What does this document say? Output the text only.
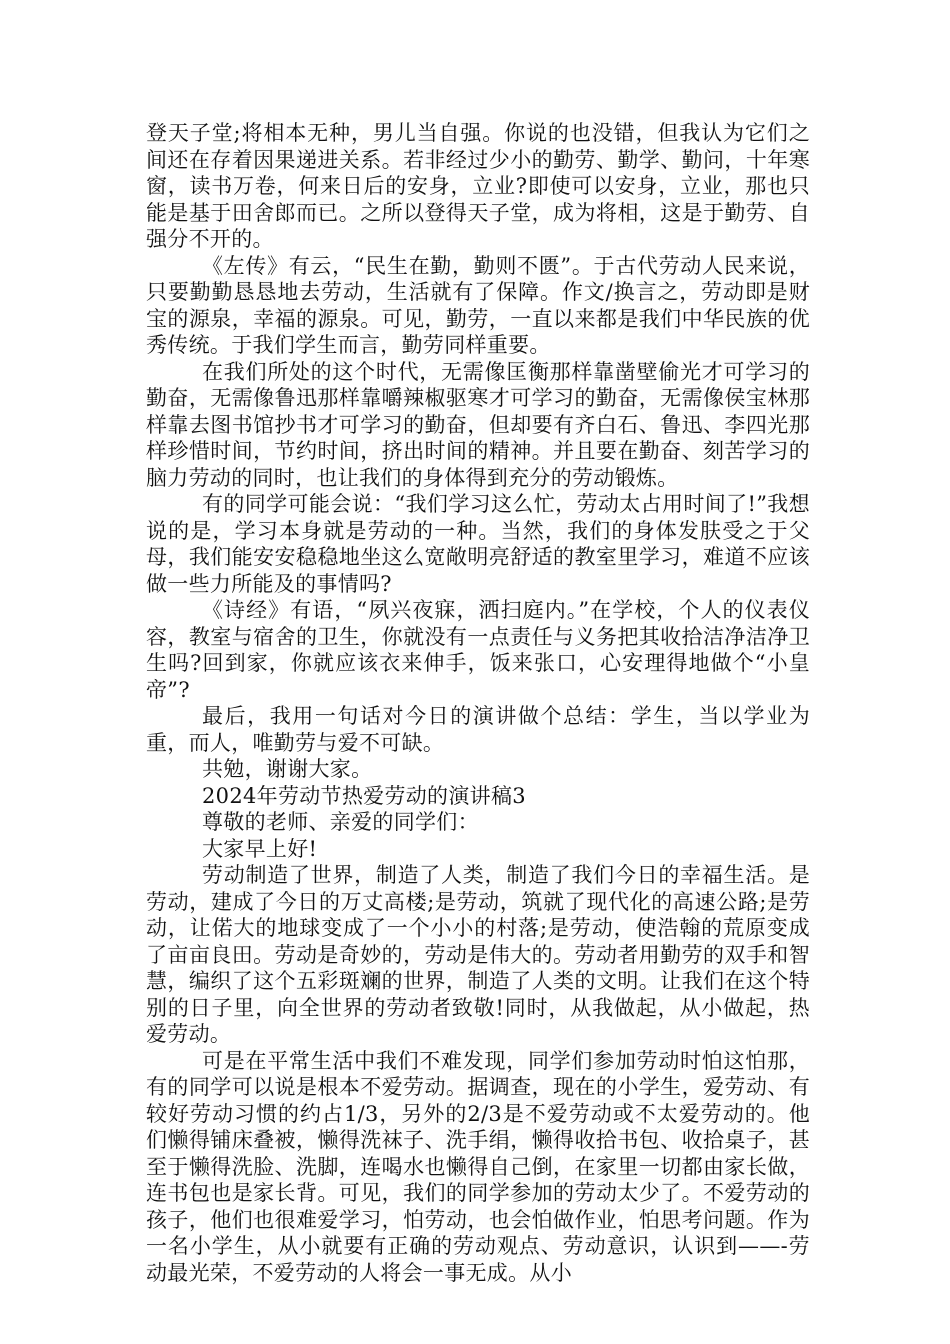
登天子堂;将相本无种，男儿当自强。你说的也没错，但我认为它们之间还在存着因果递进关系。若非经过少小的勤劳、勤学、勤问，十年寒窗，读书万卷，何来日后的安身，立业?即使可以安身，立业，那也只能是基于田舍郎而已。之所以登得天子堂，成为将相，这是于勤劳、自强分不开的。

《左传》有云，“民生在勤，勤则不匮”。于古代劳动人民来说，只要勤勤恳恳地去劳动，生活就有了保障。作文/换言之，劳动即是财宝的源泉，幸福的源泉。可见，勤劳，一直以来都是我们中华民族的优秀传统。于我们学生而言，勤劳同样重要。

在我们所处的这个时代，无需像匡衡那样靠凿壁偷光才可学习的勤奋，无需像鲁迅那样靠嚼辣椒驱寒才可学习的勤奋，无需像侯宝林那样靠去图书馆抄书才可学习的勤奋，但却要有齐白石、鲁迅、李四光那样珍惜时间，节约时间，挤出时间的精神。并且要在勤奋、刻苦学习的脑力劳动的同时，也让我们的身体得到充分的劳动锻炼。

有的同学可能会说：“我们学习这么忙，劳动太占用时间了!”我想说的是，学习本身就是劳动的一种。当然，我们的身体发肤受之于父母，我们能安安稳稳地坐这么宽敞明亮舒适的教室里学习，难道不应该做一些力所能及的事情吗?

《诗经》有语，“夙兴夜寐，洒扫庭内。”在学校，个人的仪表仪容，教室与宿舍的卫生，你就没有一点责任与义务把其收拾洁净洁净卫生吗?回到家，你就应该衣来伸手，饭来张口，心安理得地做个“小皇帝”?

最后，我用一句话对今日的演讲做个总结：学生，当以学业为重，而人，唯勤劳与爱不可缺。

共勉，谢谢大家。

2024年劳动节热爱劳动的演讲稿3

尊敬的老师、亲爱的同学们：

大家早上好!

劳动制造了世界，制造了人类，制造了我们今日的幸福生活。是劳动，建成了今日的万丈高楼;是劳动，筑就了现代化的高速公路;是劳动，让偌大的地球变成了一个小小的村落;是劳动，使浩翰的荒原变成了亩亩良田。劳动是奇妙的，劳动是伟大的。劳动者用勤劳的双手和智慧，编织了这个五彩斑斓的世界，制造了人类的文明。让我们在这个特别的日子里，向全世界的劳动者致敬!同时，从我做起，从小做起，热爱劳动。

可是在平常生活中我们不难发现，同学们参加劳动时怕这怕那，有的同学可以说是根本不爱劳动。据调查，现在的小学生，爱劳动、有较好劳动习惯的约占1/3，另外的2/3是不爱劳动或不太爱劳动的。他们懒得铺床叠被，懒得洗袜子、洗手绢，懒得收拾书包、收拾桌子，甚至于懒得洗脸、洗脚，连喝水也懒得自己倒，在家里一切都由家长做，连书包也是家长背。可见，我们的同学参加的劳动太少了。不爱劳动的孩子，他们也很难爱学习，怕劳动，也会怕做作业，怕思考问题。作为一名小学生，从小就要有正确的劳动观点、劳动意识，认识到——-劳动最光荣，不爱劳动的人将会一事无成。从小
